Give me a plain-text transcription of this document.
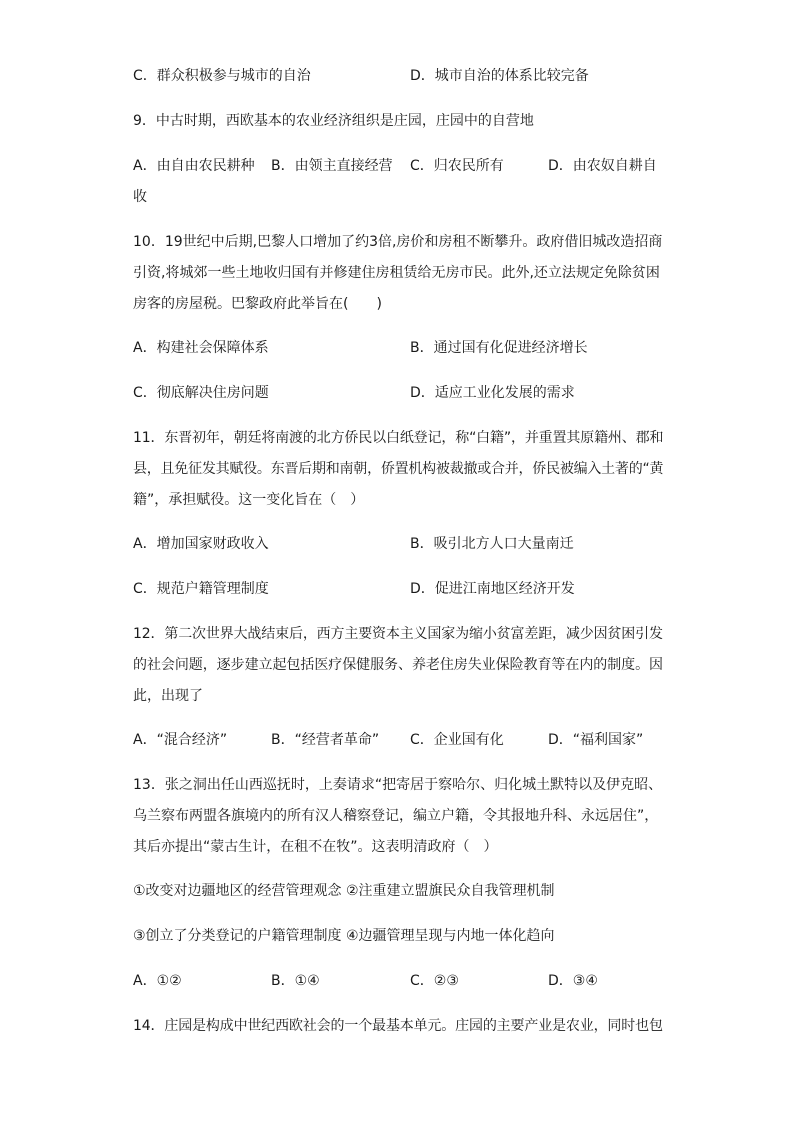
C．群众积极参与城市的自治	D．城市自治的体系比较完备
9．中古时期，西欧基本的农业经济组织是庄园，庄园中的自营地
A．由自由农民耕种 B．由领主直接经营 C．归农民所有	D．由农奴自耕自
收
10．19世纪中后期,巴黎人口增加了约3倍,房价和房租不断攀升。政府借旧城改造招商
引资,将城郊一些土地收归国有并修建住房租赁给无房市民。此外,还立法规定免除贫困
房客的房屋税。巴黎政府此举旨在(　　)
A．构建社会保障体系	B．通过国有化促进经济增长
C．彻底解决住房问题	D．适应工业化发展的需求
11．东晋初年，朝廷将南渡的北方侨民以白纸登记，称“白籍”，并重置其原籍州、郡和
县，且免征发其赋役。东晋后期和南朝，侨置机构被裁撤或合并，侨民被编入土著的“黄
籍”，承担赋役。这一变化旨在（　）
A．增加国家财政收入	B．吸引北方人口大量南迁
C．规范户籍管理制度	D．促进江南地区经济开发
12．第二次世界大战结束后，西方主要资本主义国家为缩小贫富差距，减少因贫困引发
的社会问题，逐步建立起包括医疗保健服务、养老住房失业保险教育等在内的制度。因
此，出现了
A．“混合经济”	B．“经营者革命” C．企业国有化	D．“福利国家”
13．张之洞出任山西巡抚时，上奏请求“把寄居于察哈尔、归化城土默特以及伊克昭、
乌兰察布两盟各旗境内的所有汉人稽察登记，编立户籍，令其报地升科、永远居住”，
其后亦提出“蒙古生计，在租不在牧”。这表明清政府（　）
①改变对边疆地区的经营管理观念 ②注重建立盟旗民众自我管理机制
③创立了分类登记的户籍管理制度 ④边疆管理呈现与内地一体化趋向
A．①②	B．①④	C．②③	D．③④
14．庄园是构成中世纪西欧社会的一个最基本单元。庄园的主要产业是农业，同时也包
